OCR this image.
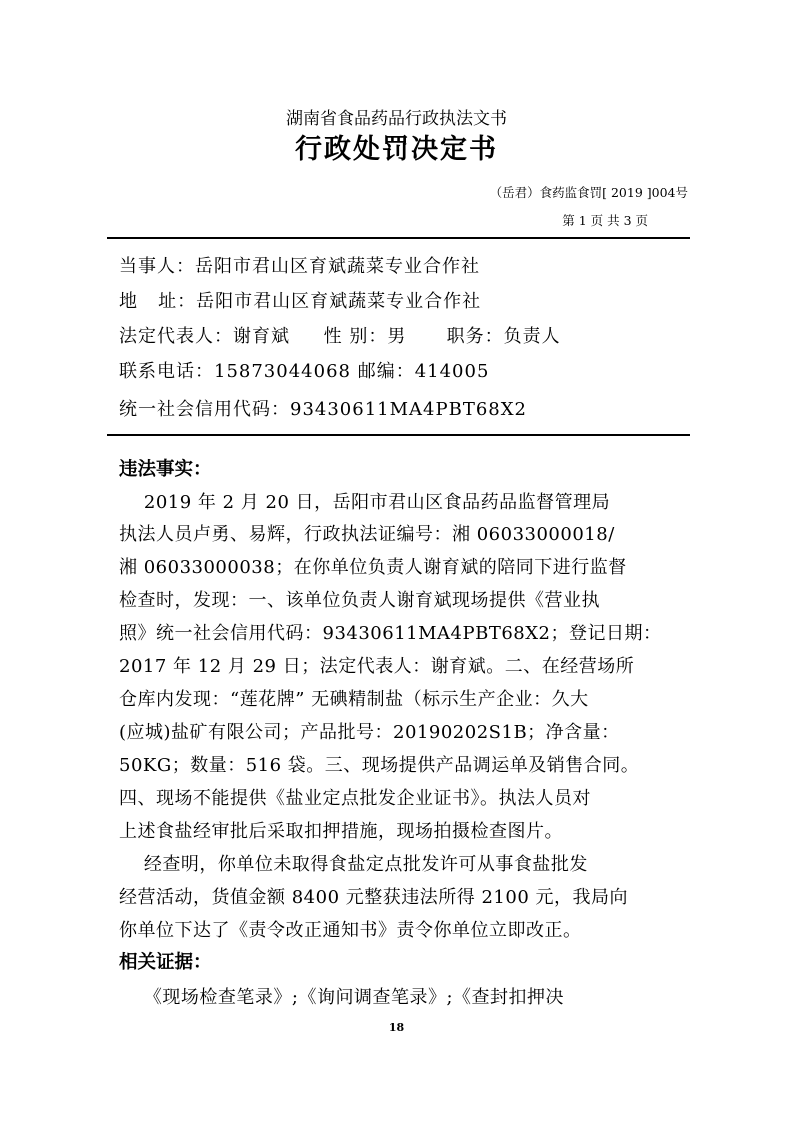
湖南省食品药品行政执法文书
行政处罚决定书
（岳君）食药监食罚[ 2019 ]004号
第 1 页 共 3 页
当事人：岳阳市君山区育斌蔬菜专业合作社
地   址：岳阳市君山区育斌蔬菜专业合作社
法定代表人：谢育斌     性 别：男      职务：负责人
联系电话：15873044068 邮编：414005
统一社会信用代码：93430611MA4PBT68X2
违法事实：
2019 年 2 月 20 日，岳阳市君山区食品药品监督管理局
执法人员卢勇、易辉，行政执法证编号：湘 06033000018/
湘 06033000038；在你单位负责人谢育斌的陪同下进行监督
检查时，发现：一、该单位负责人谢育斌现场提供《营业执
照》统一社会信用代码：93430611MA4PBT68X2；登记日期：
2017 年 12 月 29 日；法定代表人：谢育斌。二、在经营场所
仓库内发现：“莲花牌” 无碘精制盐（标示生产企业：久大
(应城)盐矿有限公司；产品批号：20190202S1B；净含量：
50KG；数量：516 袋。三、现场提供产品调运单及销售合同。
四、现场不能提供《盐业定点批发企业证书》。执法人员对
上述食盐经审批后采取扣押措施，现场拍摄检查图片。
经查明，你单位未取得食盐定点批发许可从事食盐批发
经营活动，货值金额 8400 元整获违法所得 2100 元，我局向
你单位下达了《责令改正通知书》责令你单位立即改正。
相关证据：
《现场检查笔录》;《询问调查笔录》;《查封扣押决
18
